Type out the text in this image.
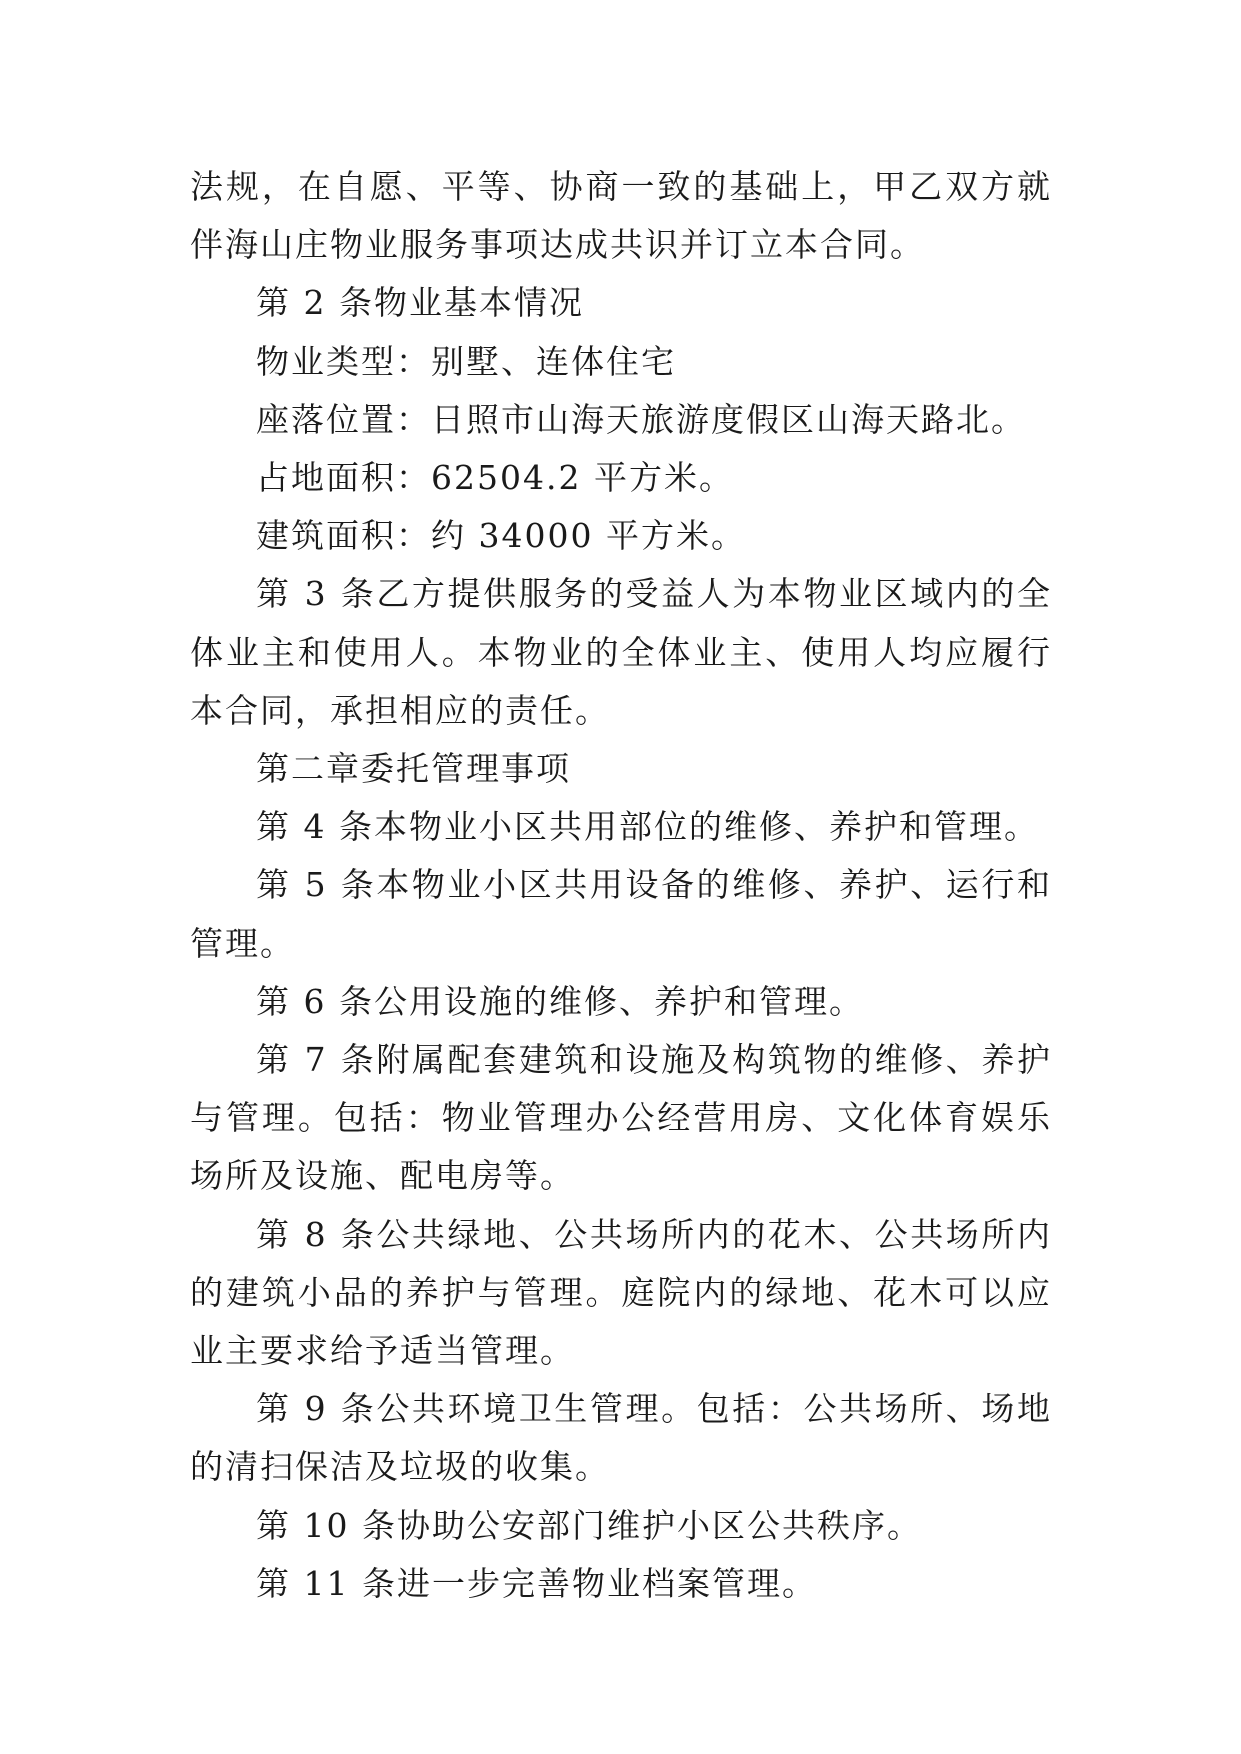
法规，在自愿、平等、协商一致的基础上，甲乙双方就伴海山庄物业服务事项达成共识并订立本合同。

第 2 条物业基本情况

物业类型：别墅、连体住宅

座落位置：日照市山海天旅游度假区山海天路北。

占地面积：62504.2 平方米。

建筑面积：约 34000 平方米。

第 3 条乙方提供服务的受益人为本物业区域内的全体业主和使用人。本物业的全体业主、使用人均应履行本合同，承担相应的责任。

第二章委托管理事项

第 4 条本物业小区共用部位的维修、养护和管理。

第 5 条本物业小区共用设备的维修、养护、运行和管理。

第 6 条公用设施的维修、养护和管理。

第 7 条附属配套建筑和设施及构筑物的维修、养护与管理。包括：物业管理办公经营用房、文化体育娱乐场所及设施、配电房等。

第 8 条公共绿地、公共场所内的花木、公共场所内的建筑小品的养护与管理。庭院内的绿地、花木可以应业主要求给予适当管理。

第 9 条公共环境卫生管理。包括：公共场所、场地的清扫保洁及垃圾的收集。

第 10 条协助公安部门维护小区公共秩序。

第 11 条进一步完善物业档案管理。
